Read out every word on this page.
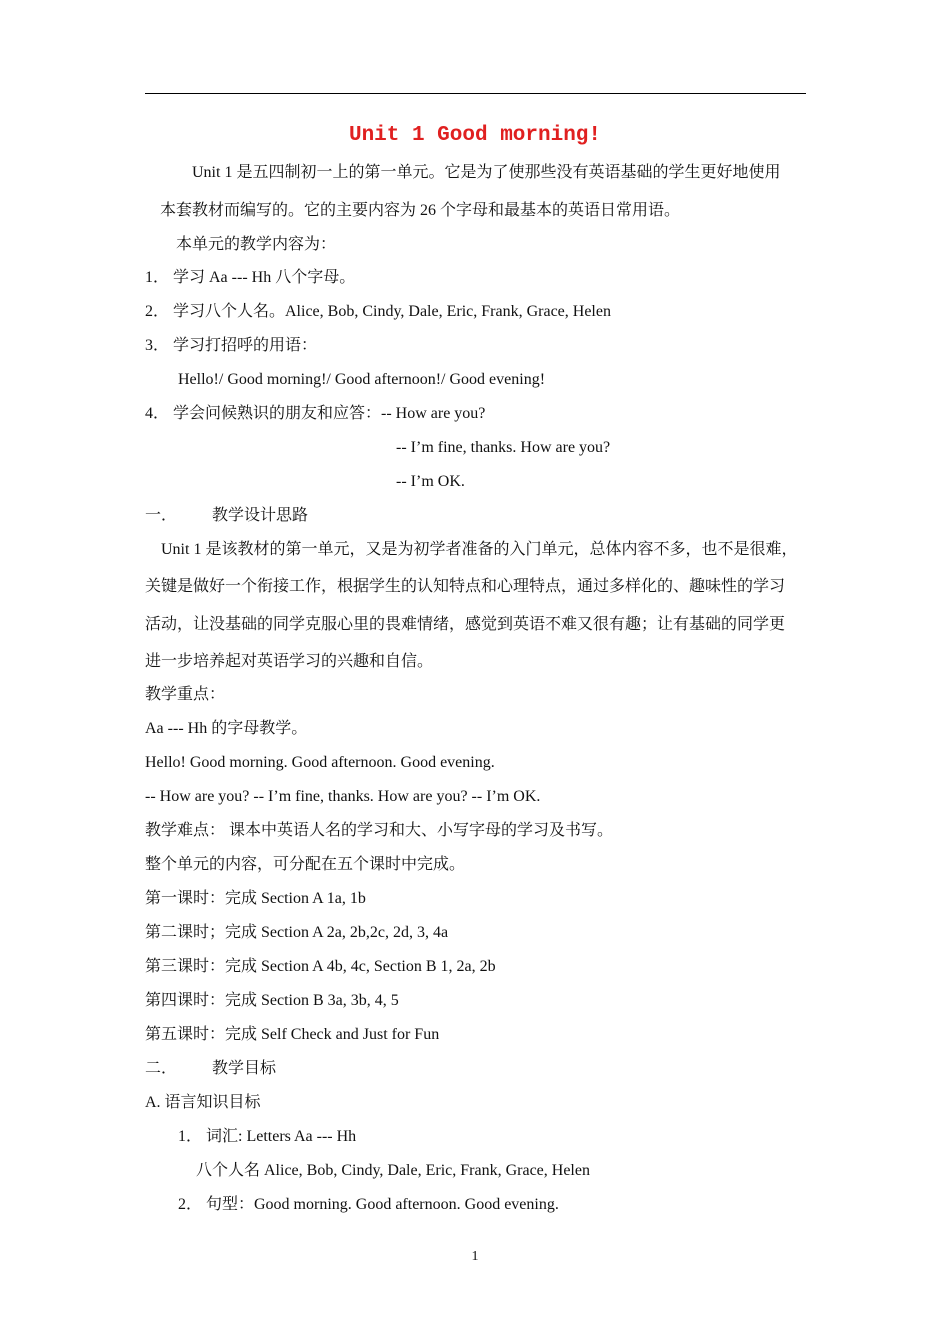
Unit 1 Good morning!
Unit 1 是五四制初一上的第一单元。它是为了使那些没有英语基础的学生更好地使用
本套教材而编写的。它的主要内容为 26 个字母和最基本的英语日常用语。
本单元的教学内容为：
1． 学习 Aa --- Hh 八个字母。
2． 学习八个人名。Alice, Bob, Cindy, Dale, Eric, Frank, Grace, Helen
3． 学习打招呼的用语：
Hello!/ Good morning!/ Good afternoon!/ Good evening!
4． 学会问候熟识的朋友和应答：-- How are you?
-- I’m fine, thanks. How are you?
-- I’m OK.
一． 教学设计思路
Unit 1 是该教材的第一单元，又是为初学者准备的入门单元，总体内容不多，也不是很难，
关键是做好一个衔接工作，根据学生的认知特点和心理特点，通过多样化的、趣味性的学习
活动，让没基础的同学克服心里的畏难情绪，感觉到英语不难又很有趣；让有基础的同学更
进一步培养起对英语学习的兴趣和自信。
教学重点：
Aa --- Hh 的字母教学。
Hello! Good morning. Good afternoon. Good evening.
-- How are you? -- I’m fine, thanks. How are you? -- I’m OK.
教学难点： 课本中英语人名的学习和大、小写字母的学习及书写。
整个单元的内容，可分配在五个课时中完成。
第一课时：完成 Section A 1a, 1b
第二课时；完成 Section A 2a, 2b,2c, 2d, 3, 4a
第三课时：完成 Section A 4b, 4c, Section B 1, 2a, 2b
第四课时：完成 Section B 3a, 3b, 4, 5
第五课时：完成 Self Check and Just for Fun
二． 教学目标
A. 语言知识目标
1． 词汇: Letters Aa --- Hh
八个人名 Alice, Bob, Cindy, Dale, Eric, Frank, Grace, Helen
2． 句型：Good morning. Good afternoon. Good evening.
1
